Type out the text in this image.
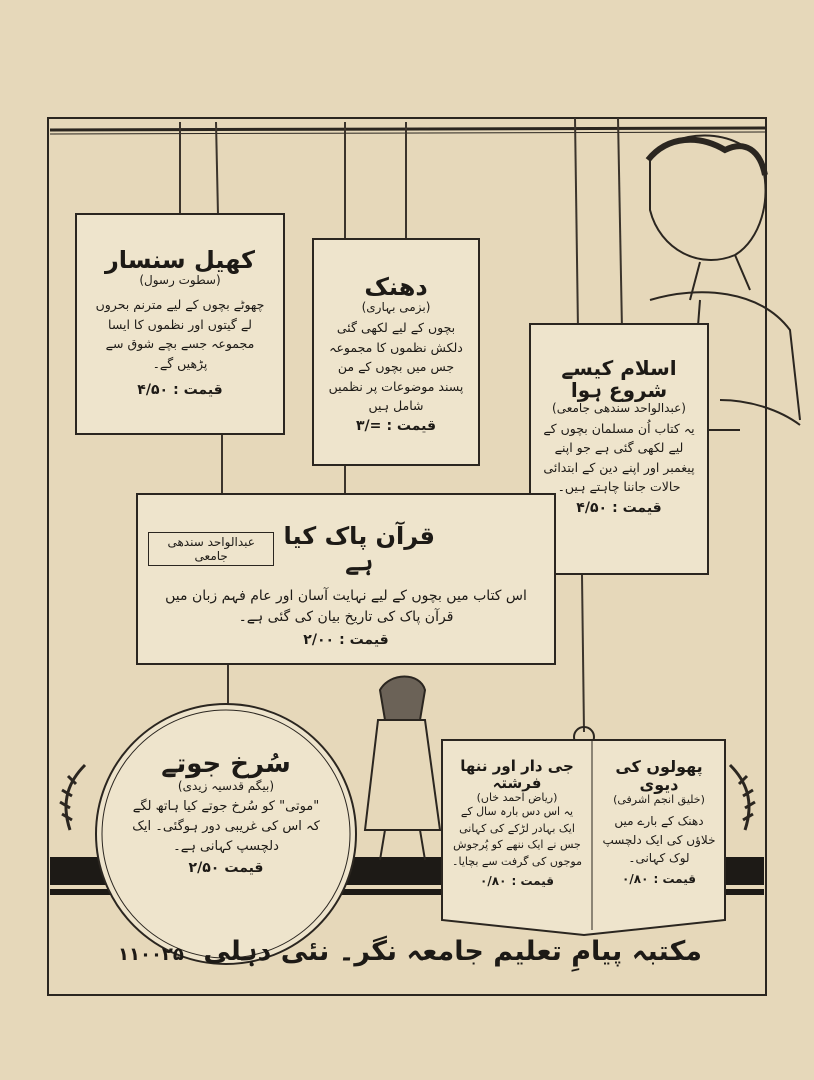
کھیل سنسار
(سطوت رسول)
چھوٹے بچوں کے لیے مترنم بحروں لے گیتوں اور نظموں کا ایسا مجموعہ جسے بچے شوق سے پڑھیں گے۔
قیمت : ۴/۵۰
دھنک
(بزمی بہاری)
بچوں کے لیے لکھی گئی دلکش نظموں کا مجموعہ جس میں بچوں کے من پسند موضوعات پر نظمیں شامل ہیں
قیمت : =/۳
اسلام کیسے شروع ہوا
(عبدالواحد سندھی جامعی)
یہ کتاب اُن مسلمان بچوں کے لیے لکھی گئی ہے جو اپنے پیغمبر اور اپنے دین کے ابتدائی حالات جاننا چاہتے ہیں۔
قیمت : ۴/۵۰
قرآن پاک کیا ہے
عبدالواحد سندھی جامعی
اس کتاب میں بچوں کے لیے نہایت آسان اور عام فہم زبان میں قرآن پاک کی تاریخ بیان کی گئی ہے۔
قیمت : ۲/۰۰
سُرخ جوتے
(بیگم قدسیہ زیدی)
"موتی" کو سُرخ جوتے کیا ہاتھ لگے کہ اس کی غریبی دور ہوگئی۔ ایک دلچسپ کہانی ہے۔
قیمت ۲/۵۰
جی دار اور ننھا فرشتہ
(ریاض احمد خاں)
یہ اس دس بارہ سال کے ایک بہادر لڑکے کی کہانی جس نے ایک ننھے کو پُرجوش موجوں کی گرفت سے بچایا۔
قیمت : ۰/۸۰
پھولوں کی دیوی
(خلیق انجم اشرفی)
دھنک کے بارے میں خلاؤں کی ایک دلچسپ لوک کہانی۔
قیمت : ۰/۸۰
مکتبہ پیامِ تعلیم جامعہ نگر۔ نئی دہلی ۱۱۰۰۲۵
